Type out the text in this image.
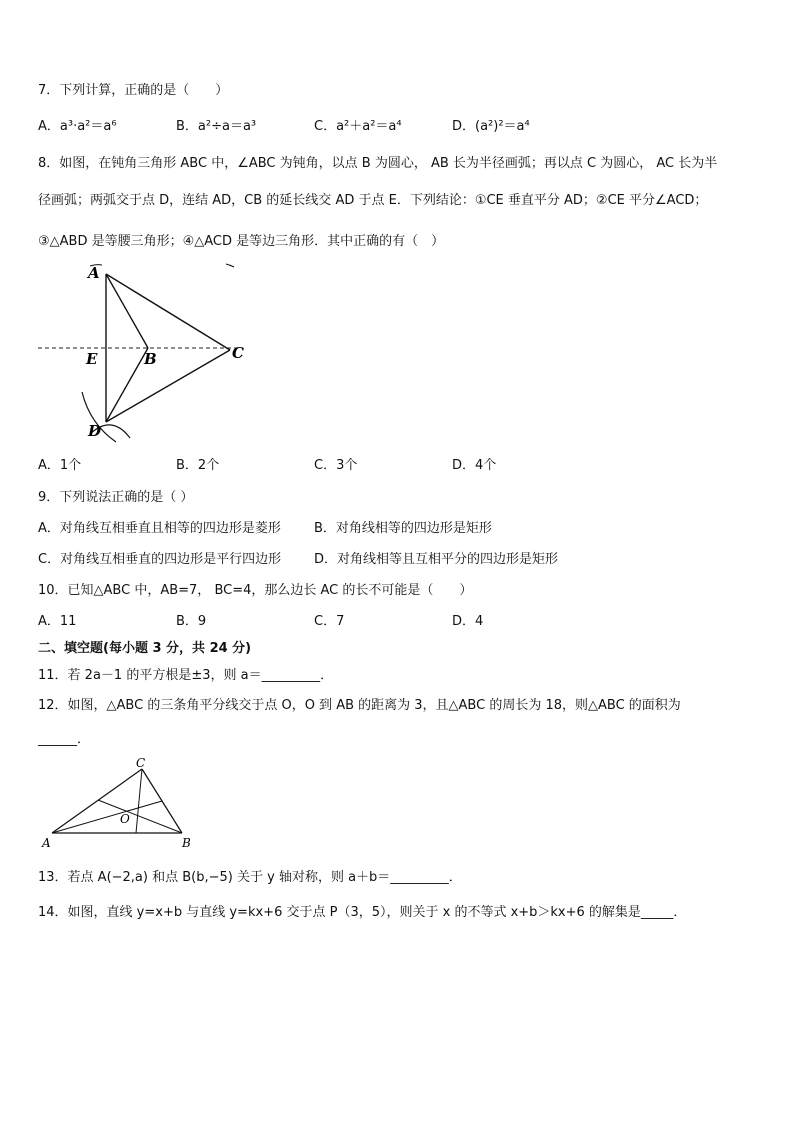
7．下列计算，正确的是（　　）
A．a³·a²＝a⁶	B．a²÷a＝a³	C．a²＋a²＝a⁴	D．(a²)²＝a⁴
8．如图，在钝角三角形 ABC 中，∠ABC 为钝角，以点 B 为圆心， AB 长为半径画弧；再以点 C 为圆心， AC 长为半
径画弧；两弧交于点 D，连结 AD，CB 的延长线交 AD 于点 E．下列结论：①CE 垂直平分 AD；②CE 平分∠ACD；
③△ABD 是等腰三角形；④△ACD 是等边三角形．其中正确的有（　）
A
E	B	C
D
A．1个	B．2个	C．3个	D．4个
9．下列说法正确的是（ ）
A．对角线互相垂直且相等的四边形是菱形	B．对角线相等的四边形是矩形
C．对角线互相垂直的四边形是平行四边形	D．对角线相等且互相平分的四边形是矩形
10．已知△ABC 中，AB=7， BC=4，那么边长 AC 的长不可能是（　　）
A．11	B．9	C．7	D．4
二、填空题(每小题 3 分，共 24 分)
11．若 2a－1 的平方根是±3，则 a＝_________．
12．如图，△ABC 的三条角平分线交于点 O，O 到 AB 的距离为 3，且△ABC 的周长为 18，则△ABC 的面积为
______．
C
O
A	B
13．若点 A(−2,a) 和点 B(b,−5) 关于 y 轴对称，则 a＋b＝_________．
14．如图，直线 y=x+b 与直线 y=kx+6 交于点 P（3，5），则关于 x 的不等式 x+b＞kx+6 的解集是_____．
